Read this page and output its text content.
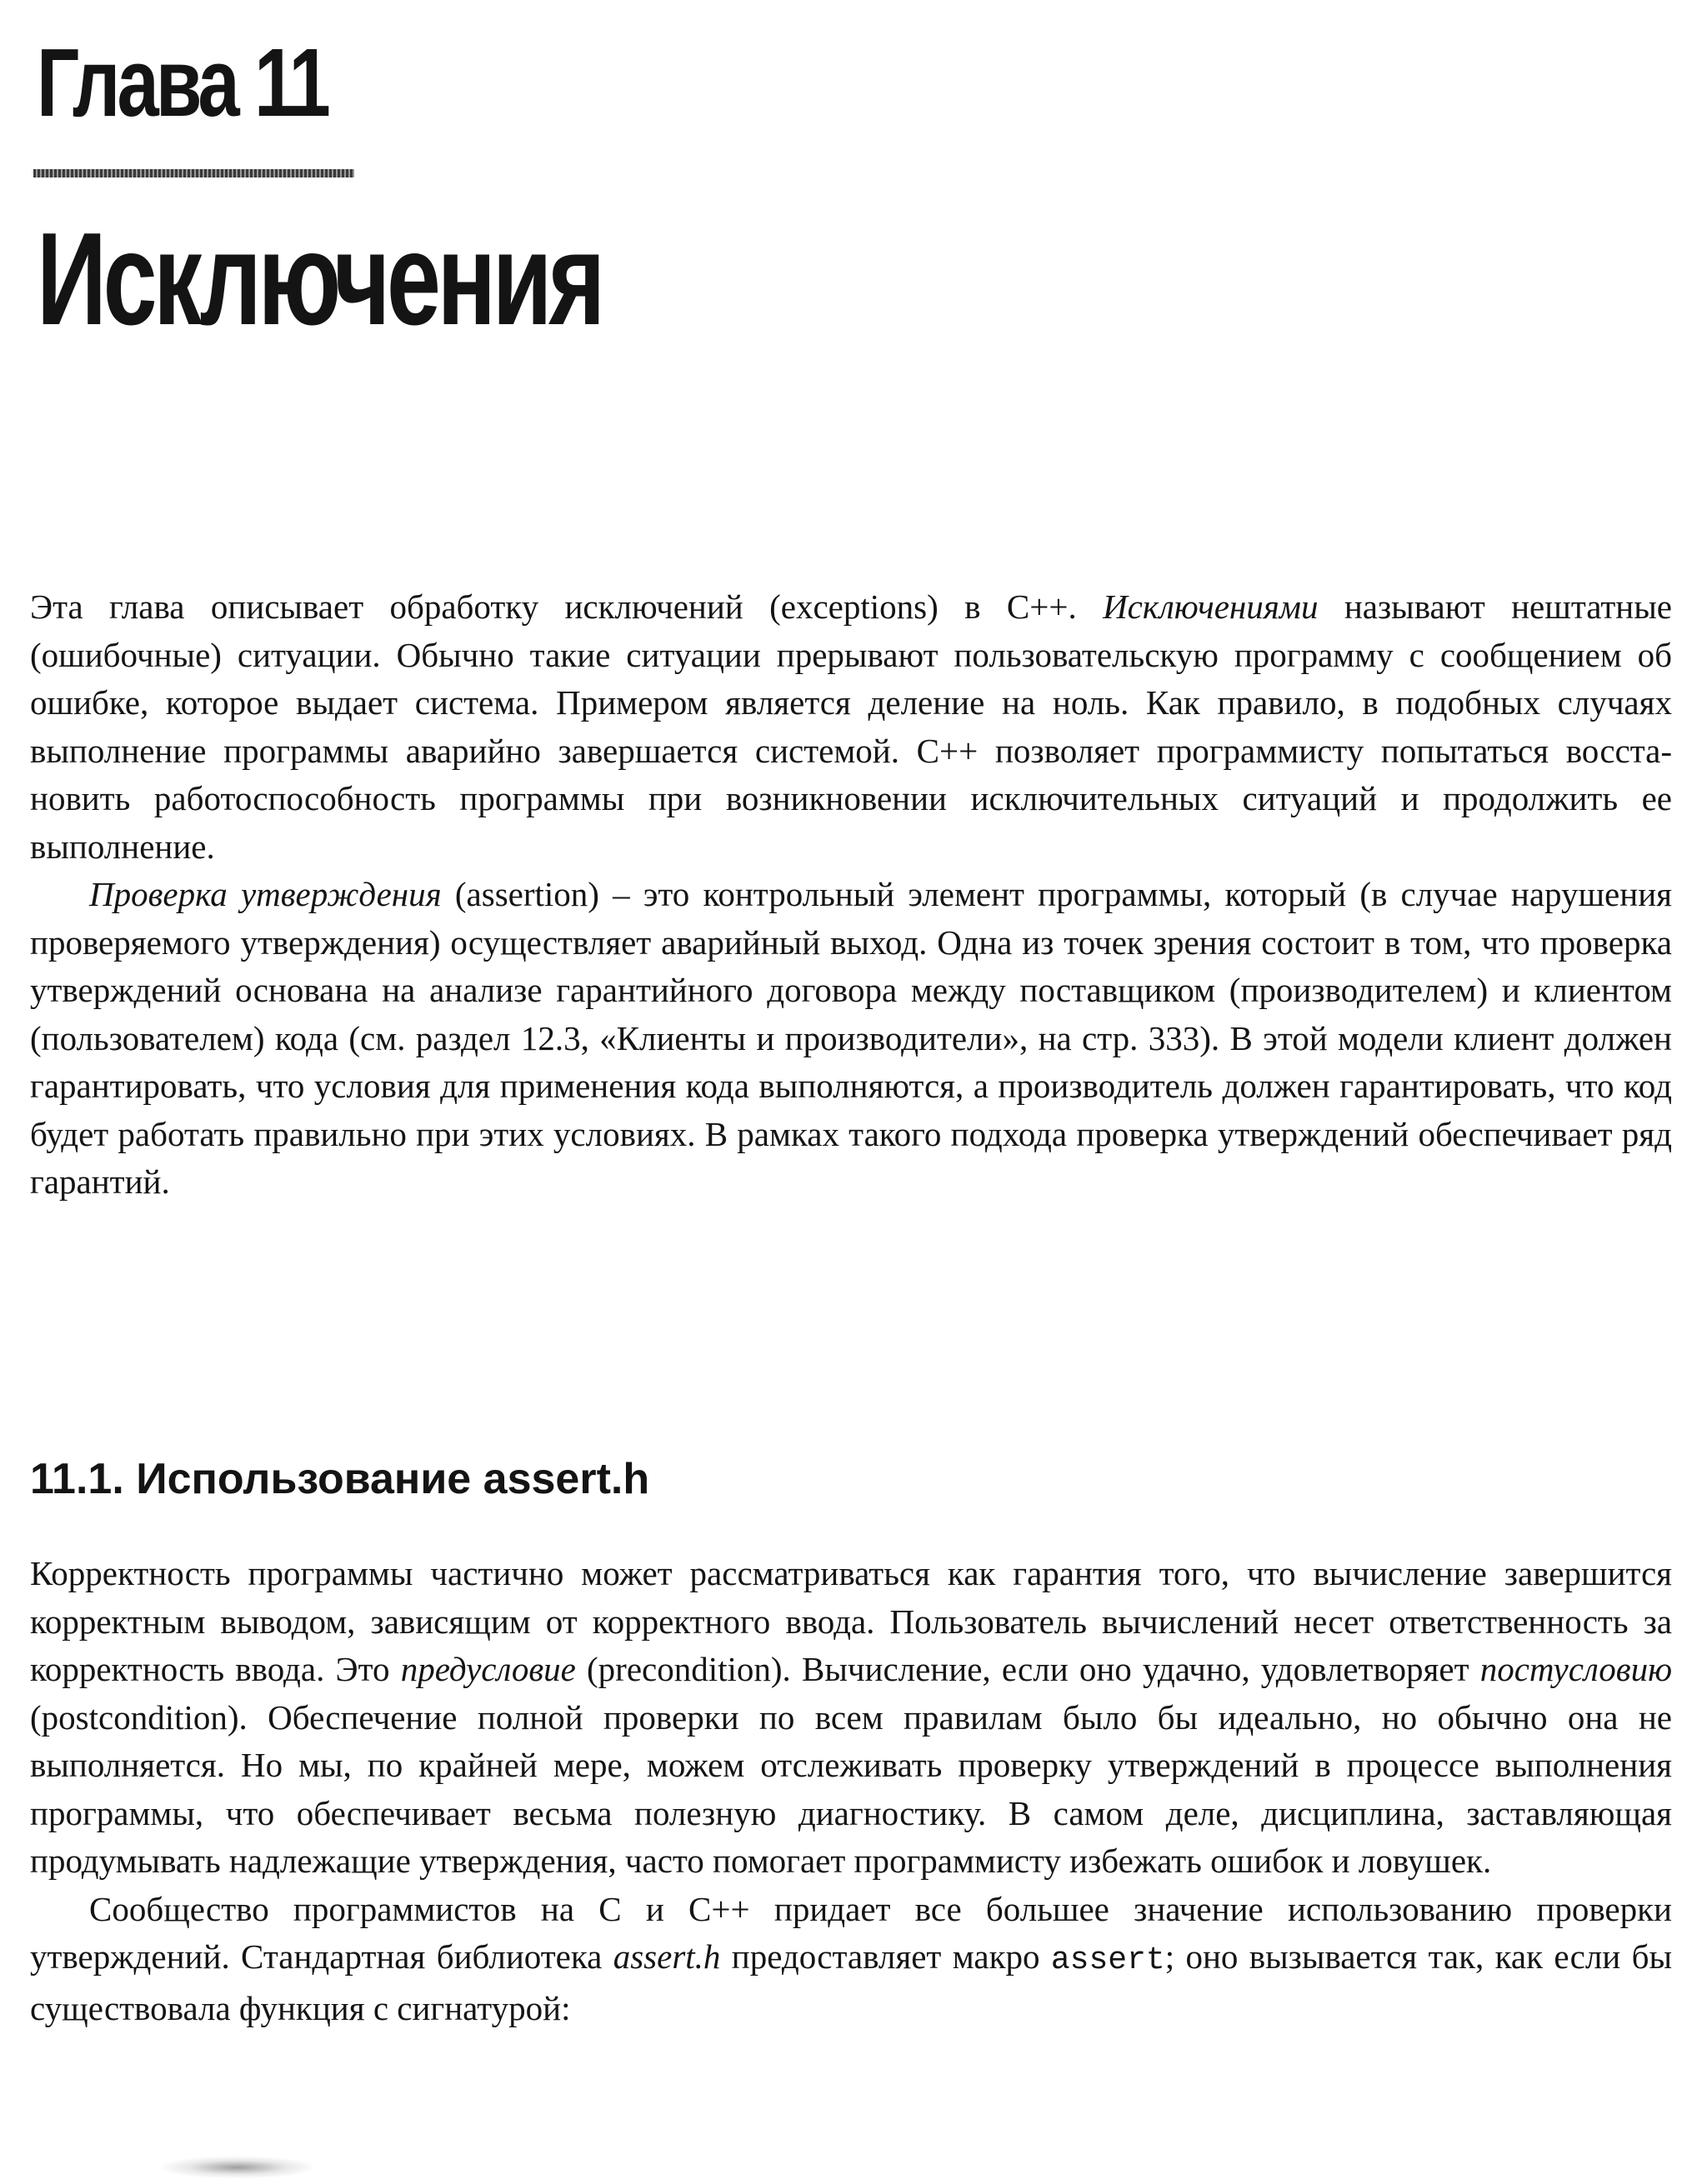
Глава 11
Исключения

Эта глава описывает обработку исключений (exceptions) в C++. Исключениями называют нештатные (ошибочные) ситуации. Обычно такие ситуации прерывают пользовательскую программу с сообщением об ошибке, которое выдает система. Примером является деление на ноль. Как правило, в подобных случаях выполнение программы аварийно завершается системой. C++ позволяет программисту попытаться восстановить работоспособность программы при возникновении исключительных ситуаций и продолжить ее выполнение.

Проверка утверждения (assertion) – это контрольный элемент программы, который (в случае нарушения проверяемого утверждения) осуществляет аварийный выход. Одна из точек зрения состоит в том, что проверка утверждений основана на анализе гарантийного договора между поставщиком (производителем) и клиентом (пользователем) кода (см. раздел 12.3, «Клиенты и производители», на стр. 333). В этой модели клиент должен гарантировать, что условия для применения кода выполняются, а производитель должен гарантировать, что код будет работать правильно при этих условиях. В рамках такого подхода проверка утверждений обеспечивает ряд гарантий.

11.1. Использование assert.h

Корректность программы частично может рассматриваться как гарантия того, что вычисление завершится корректным выводом, зависящим от корректного ввода. Пользователь вычислений несет ответственность за корректность ввода. Это предусловие (precondition). Вычисление, если оно удачно, удовлетворяет постусловию (postcondition). Обеспечение полной проверки по всем правилам было бы идеально, но обычно она не выполняется. Но мы, по крайней мере, можем отслеживать проверку утверждений в процессе выполнения программы, что обеспечивает весьма полезную диагностику. В самом деле, дисциплина, заставляющая продумывать надлежащие утверждения, часто помогает программисту избежать ошибок и ловушек.

Сообщество программистов на C и C++ придает все большее значение использованию проверки утверждений. Стандартная библиотека assert.h предоставляет макро assert; оно вызывается так, как если бы существовала функция с сигнатурой:
